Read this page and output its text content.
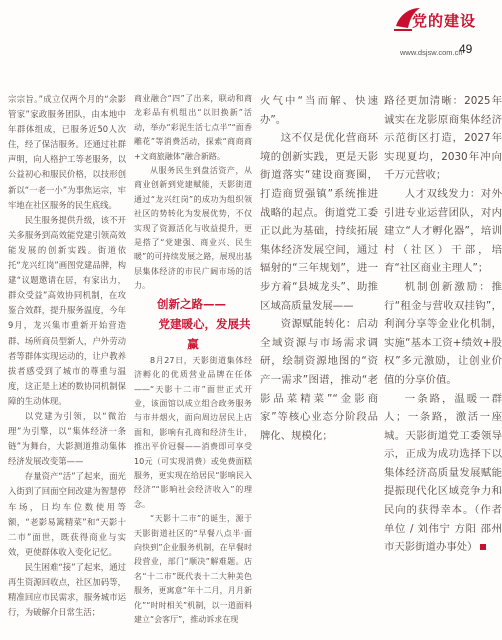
党的建设
www.dsjsw.com.cn
49

宗宗旨。”成立仅两个月的“余影管家”家政服务团队，由本地中年群体组成，已服务近50人次住，经了保洁服务。还通过社群声明，向人格护工等老服务，以公益初心和服民价格，以技形创新以“一老一小”为事焦运宗，牢牢地在社区服务的民生底线。

民生服务提供升级，该不开关多服务到高效能党建引领高效能发展的创新实践。街道依托“龙兴红岗”画图党建品牌，构建“议题邀请在居，有家出力，群众受益”高效协同机制，在攻鉴合效群，提升服务温度，今年9月，龙兴集市重新开始营造群、场所商员型新人，户外劳动者等群体实现运动的，让户教养拔者感受到了城市的尊重与温度，这正是上述的数协同机制保障的生动体现。

以党建为引领，以“微治理”为引擎，以“集体经济一条链”为舞台，大影测道推动集体经济发展改变第——

存量资产“活”了起来，面光入街到了回面空间改建为智慧停车场，日均车位数使用等额，“老影易篱精菜”和“天影十二市”面世，既获得商业与实效，更使群体收入变化记忆。

民生困难“接”了起来，通过再生资源回收点，社区加码等，精准回应市民需求，服务城市运行，为破解介日常生活；

商业融合“四”了出来，联动和商龙彩品有机组出“以旧换新”活动，举办“彩泥生活七点半”“面香雕花”等消费活动，探索“商商商+文商旅融体”融合新路。

从服务民生到盘活资产，从商业创新到党建赋能，天影街道通过“龙兴红岗”的成功为组织领社区的势转化为发展优势，不仅实现了资源活化与收益提升，更是搭了“党建强、商业兴、民生暖”的可持续发展之路，展现出基层集体经济的市民广阔市场的活力。

创新之路——

党建暖心，发展共赢

8月27日，天影街道集体经济孵化的优质营业品牌在任体——“天影十二市”面世正式开业，该面馆以成立组合政务服务与市井烟火，面向周边居民上店面和，影响有孔商和经济生计，推出平价冠餐——消费即可享受10元（可实现消费）或免费面糕服务，更实现在给居民“影响民入经济”“影响社会经济收入”的理念。

“天影十二市”的诞生，源于天影街道社区的“早餐八点半·面向快到”企业服务机制，在早餐时段营业，部门“顺决”解难题。店名“十二市”既代表十二大种美色服务，更寓意“年十二月，月月新化”“时时相关”机制，以一道面料建立“会客厅”，推动诉求在现

火气中“当而解、快速办”。

这不仅是优化营商环境的创新实践，更是天影街道落实“建设商赛圈，打造商贸强镇”系统推进战略的起点。街道党工委正以此为基础，持续拓展集体经济发展空间，通过辐射的“三年规划”，进一步方着“县城龙头”、助推区域高质量发展——

资源赋能转化：启动全域资源与市场需求调研，绘制资源地图的“资产一需求”图谱，推动“老影品菜精菜”“金影商家”等核心业态分阶段品牌化、规模化；

路径更加清晰：2025年诚实在龙影原商集体经济示范街区打造，2027年实现夏均，2030年冲向千万元营收；

人才双线发力：对外引进专业运营团队，对内建立“人才孵化器”，培训村（社区）干部，培育“社区商业主理人”；

机制创新激励：推行“租金与营收双挂钩”，利润分享等金业化机制，实施“基本工资+绩效+股权”多元激励，让创业价值的分享价值。

一条路，温暖一群人；一条路，激活一座城。天影街道党工委领导示，正成为成功选择下以集体经济高质量发展赋能提振现代化区域竞争力和民向的获得幸本。（作者单位 / 刘伟宁 方阳 邵州市天影街道办事处）
